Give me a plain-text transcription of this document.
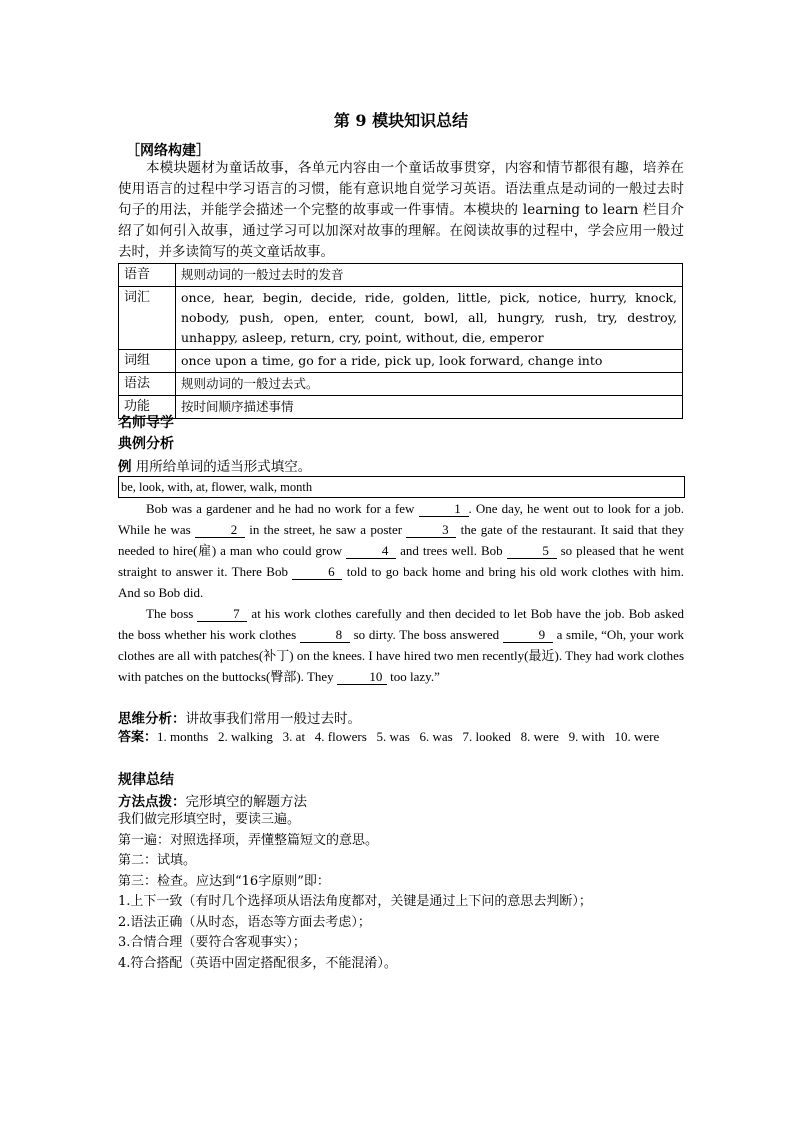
第 9 模块知识总结
［网络构建］
本模块题材为童话故事，各单元内容由一个童话故事贯穿，内容和情节都很有趣，培养在使用语言的过程中学习语言的习惯，能有意识地自觉学习英语。语法重点是动词的一般过去时句子的用法，并能学会描述一个完整的故事或一件事情。本模块的 learning to learn 栏目介绍了如何引入故事，通过学习可以加深对故事的理解。在阅读故事的过程中，学会应用一般过去时，并多读简写的英文童话故事。
语音	规则动词的一般过去时的发音
词汇	once, hear, begin, decide, ride, golden, little, pick, notice, hurry, knock, nobody, push, open, enter, count, bowl, all, hungry, rush, try, destroy, unhappy, asleep, return, cry, point, without, die, emperor
词组	once upon a time, go for a ride, pick up, look forward, change into
语法	规则动词的一般过去式。
功能	按时间顺序描述事情
名师导学
典例分析
例 用所给单词的适当形式填空。
be, look, with, at, flower, walk, month
Bob was a gardener and he had no work for a few	1 . One day, he went out to look for a job. While he was	2 in the street, he saw a poster	3 the gate of the restaurant. It said that they needed to hire(雇) a man who could grow	4 and trees well. Bob	5 so pleased that he went straight to answer it. There Bob	6 told to go back home and bring his old work clothes with him. And so Bob did.
The boss	7 at his work clothes carefully and then decided to let Bob have the job. Bob asked the boss whether his work clothes	8 so dirty. The boss answered	9 a smile, “Oh, your work clothes are all with patches(补丁) on the knees. I have hired two men recently(最近). They had work clothes with patches on the buttocks(臀部). They	10 too lazy.”
思维分析：讲故事我们常用一般过去时。
答案：1. months   2. walking   3. at   4. flowers   5. was   6. was   7. looked   8. were   9. with   10. were
规律总结
方法点拨：完形填空的解题方法
我们做完形填空时，要读三遍。
第一遍：对照选择项，弄懂整篇短文的意思。
第二：试填。
第三：检查。应达到“16字原则”即：
1.上下一致（有时几个选择项从语法角度都对，关键是通过上下问的意思去判断）；
2.语法正确（从时态，语态等方面去考虑）；
3.合情合理（要符合客观事实）；
4.符合搭配（英语中固定搭配很多，不能混淆）。
